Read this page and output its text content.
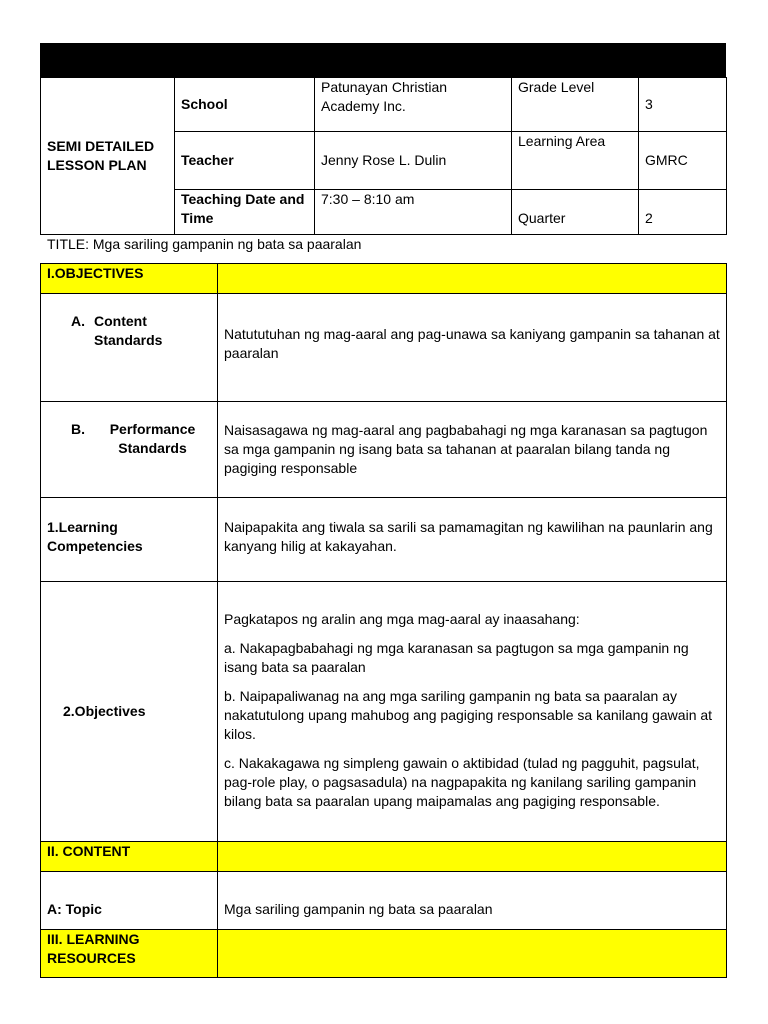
SEMI DETAILED LESSON PLAN	School	Patunayan Christian Academy Inc.	Grade Level	3
	Teacher	Jenny Rose L. Dulin	Learning Area	GMRC
	Teaching Date and Time	7:30 – 8:10 am	Quarter	2
TITLE: Mga sariling gampanin ng bata sa paaralan
I.OBJECTIVES	

A. Content Standards	Natututuhan ng mag-aaral ang pag-unawa sa kaniyang gampanin sa tahanan at paaralan

B. Performance Standards	Naisasagawa ng mag-aaral ang pagbabahagi ng mga karanasan sa pagtugon sa mga gampanin ng isang bata sa tahanan at paaralan bilang tanda ng pagiging responsable
1.Learning Competencies	Naipapakita ang tiwala sa sarili sa pamamagitan ng kawilihan na paunlarin ang kanyang hilig at kakayahan.
2.Objectives	Pagkatapos ng aralin ang mga mag-aaral ay inaasahang:

a. Nakapagbabahagi ng mga karanasan sa pagtugon sa mga gampanin ng isang bata sa paaralan

b. Naipapaliwanag na ang mga sariling gampanin ng bata sa paaralan ay nakatutulong upang mahubog ang pagiging responsable sa kanilang gawain at kilos.

c. Nakakagawa ng simpleng gawain o aktibidad (tulad ng pagguhit, pagsulat, pag-role play, o pagsasadula) na nagpapakita ng kanilang sariling gampanin bilang bata sa paaralan upang maipamalas ang pagiging responsable.

II. CONTENT	
A: Topic	Mga sariling gampanin ng bata sa paaralan
III. LEARNING RESOURCES	
